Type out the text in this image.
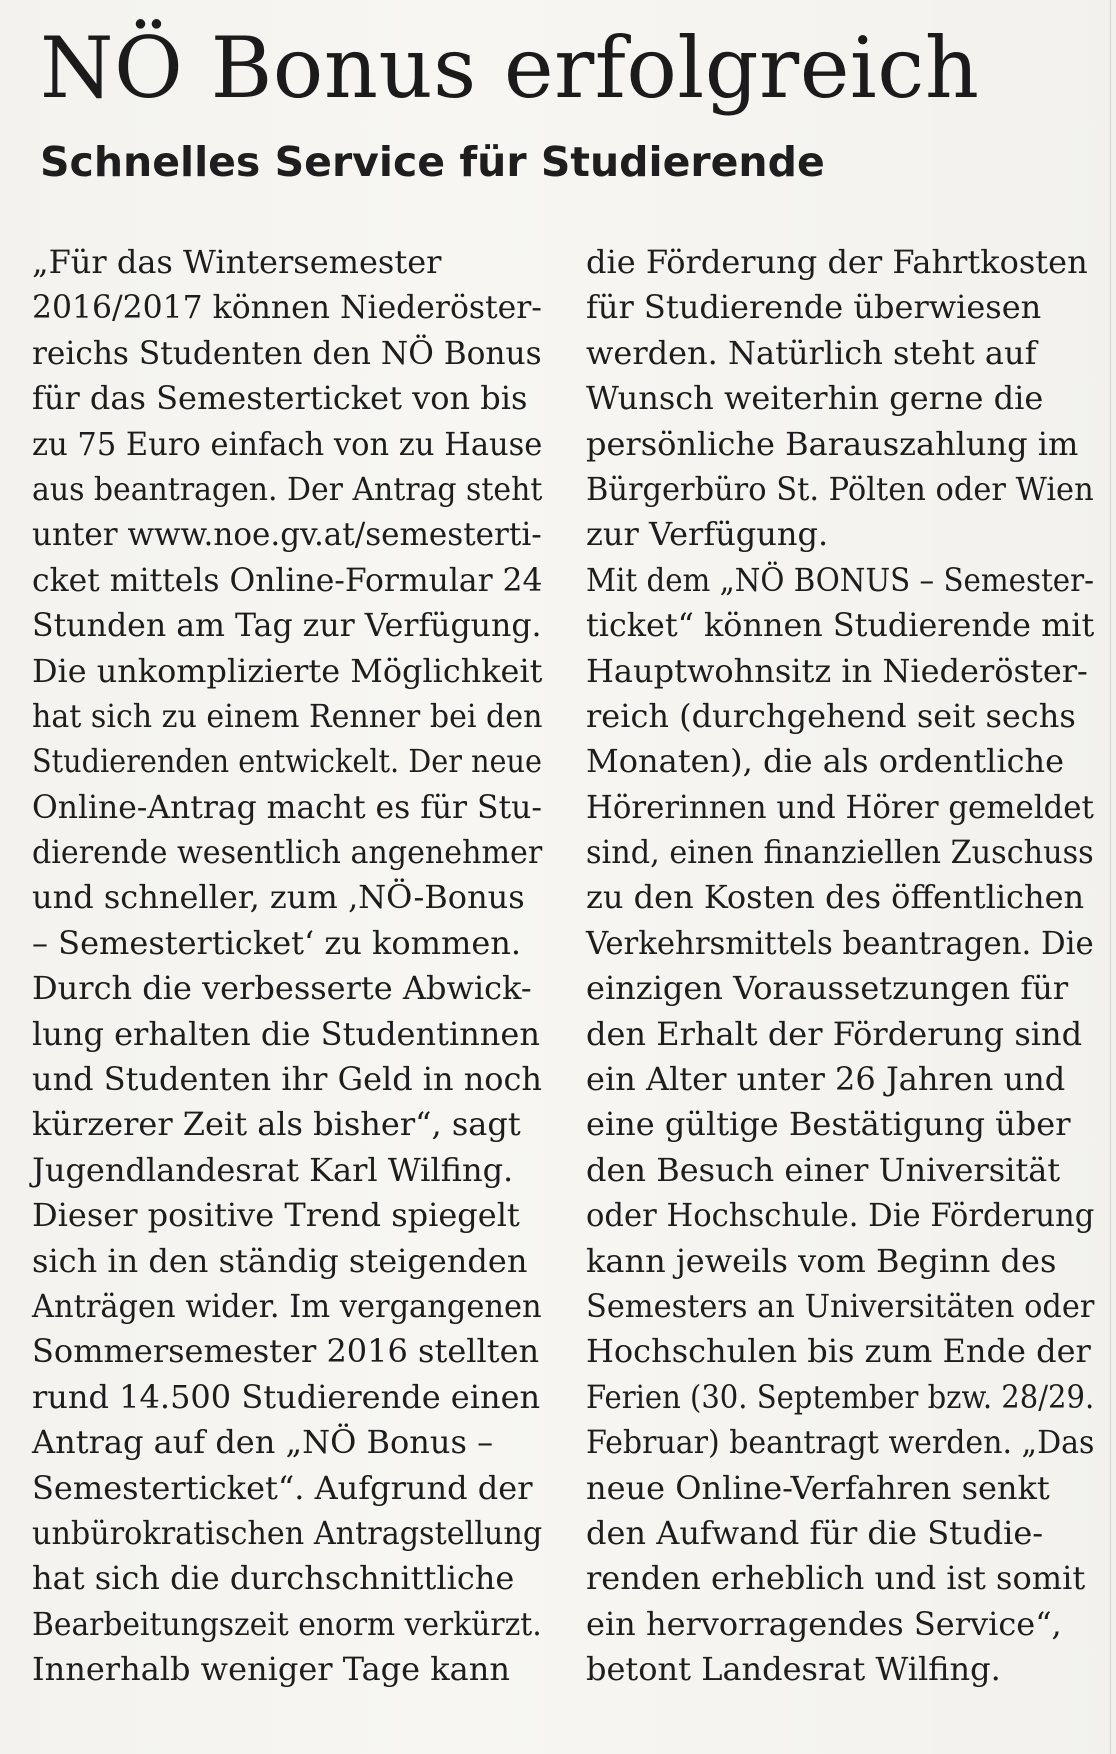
NÖ Bonus erfolgreich
Schnelles Service für Studierende
„Für das Wintersemester
2016/2017 können Niederöster-
reichs Studenten den NÖ Bonus
für das Semesterticket von bis
zu 75 Euro einfach von zu Hause
aus beantragen. Der Antrag steht
unter www.noe.gv.at/semesterti-
cket mittels Online-Formular 24
Stunden am Tag zur Verfügung.
Die unkomplizierte Möglichkeit
hat sich zu einem Renner bei den
Studierenden entwickelt. Der neue
Online-Antrag macht es für Stu-
dierende wesentlich angenehmer
und schneller, zum ‚NÖ-Bonus
– Semesterticket‘ zu kommen.
Durch die verbesserte Abwick-
lung erhalten die Studentinnen
und Studenten ihr Geld in noch
kürzerer Zeit als bisher“, sagt
Jugendlandesrat Karl Wilfing.
Dieser positive Trend spiegelt
sich in den ständig steigenden
Anträgen wider. Im vergangenen
Sommersemester 2016 stellten
rund 14.500 Studierende einen
Antrag auf den „NÖ Bonus –
Semesterticket“. Aufgrund der
unbürokratischen Antragstellung
hat sich die durchschnittliche
Bearbeitungszeit enorm verkürzt.
Innerhalb weniger Tage kann
die Förderung der Fahrtkosten
für Studierende überwiesen
werden. Natürlich steht auf
Wunsch weiterhin gerne die
persönliche Barauszahlung im
Bürgerbüro St. Pölten oder Wien
zur Verfügung.
Mit dem „NÖ BONUS – Semester-
ticket“ können Studierende mit
Hauptwohnsitz in Niederöster-
reich (durchgehend seit sechs
Monaten), die als ordentliche
Hörerinnen und Hörer gemeldet
sind, einen finanziellen Zuschuss
zu den Kosten des öffentlichen
Verkehrsmittels beantragen. Die
einzigen Voraussetzungen für
den Erhalt der Förderung sind
ein Alter unter 26 Jahren und
eine gültige Bestätigung über
den Besuch einer Universität
oder Hochschule. Die Förderung
kann jeweils vom Beginn des
Semesters an Universitäten oder
Hochschulen bis zum Ende der
Ferien (30. September bzw. 28/29.
Februar) beantragt werden. „Das
neue Online-Verfahren senkt
den Aufwand für die Studie-
renden erheblich und ist somit
ein hervorragendes Service“,
betont Landesrat Wilfing.
